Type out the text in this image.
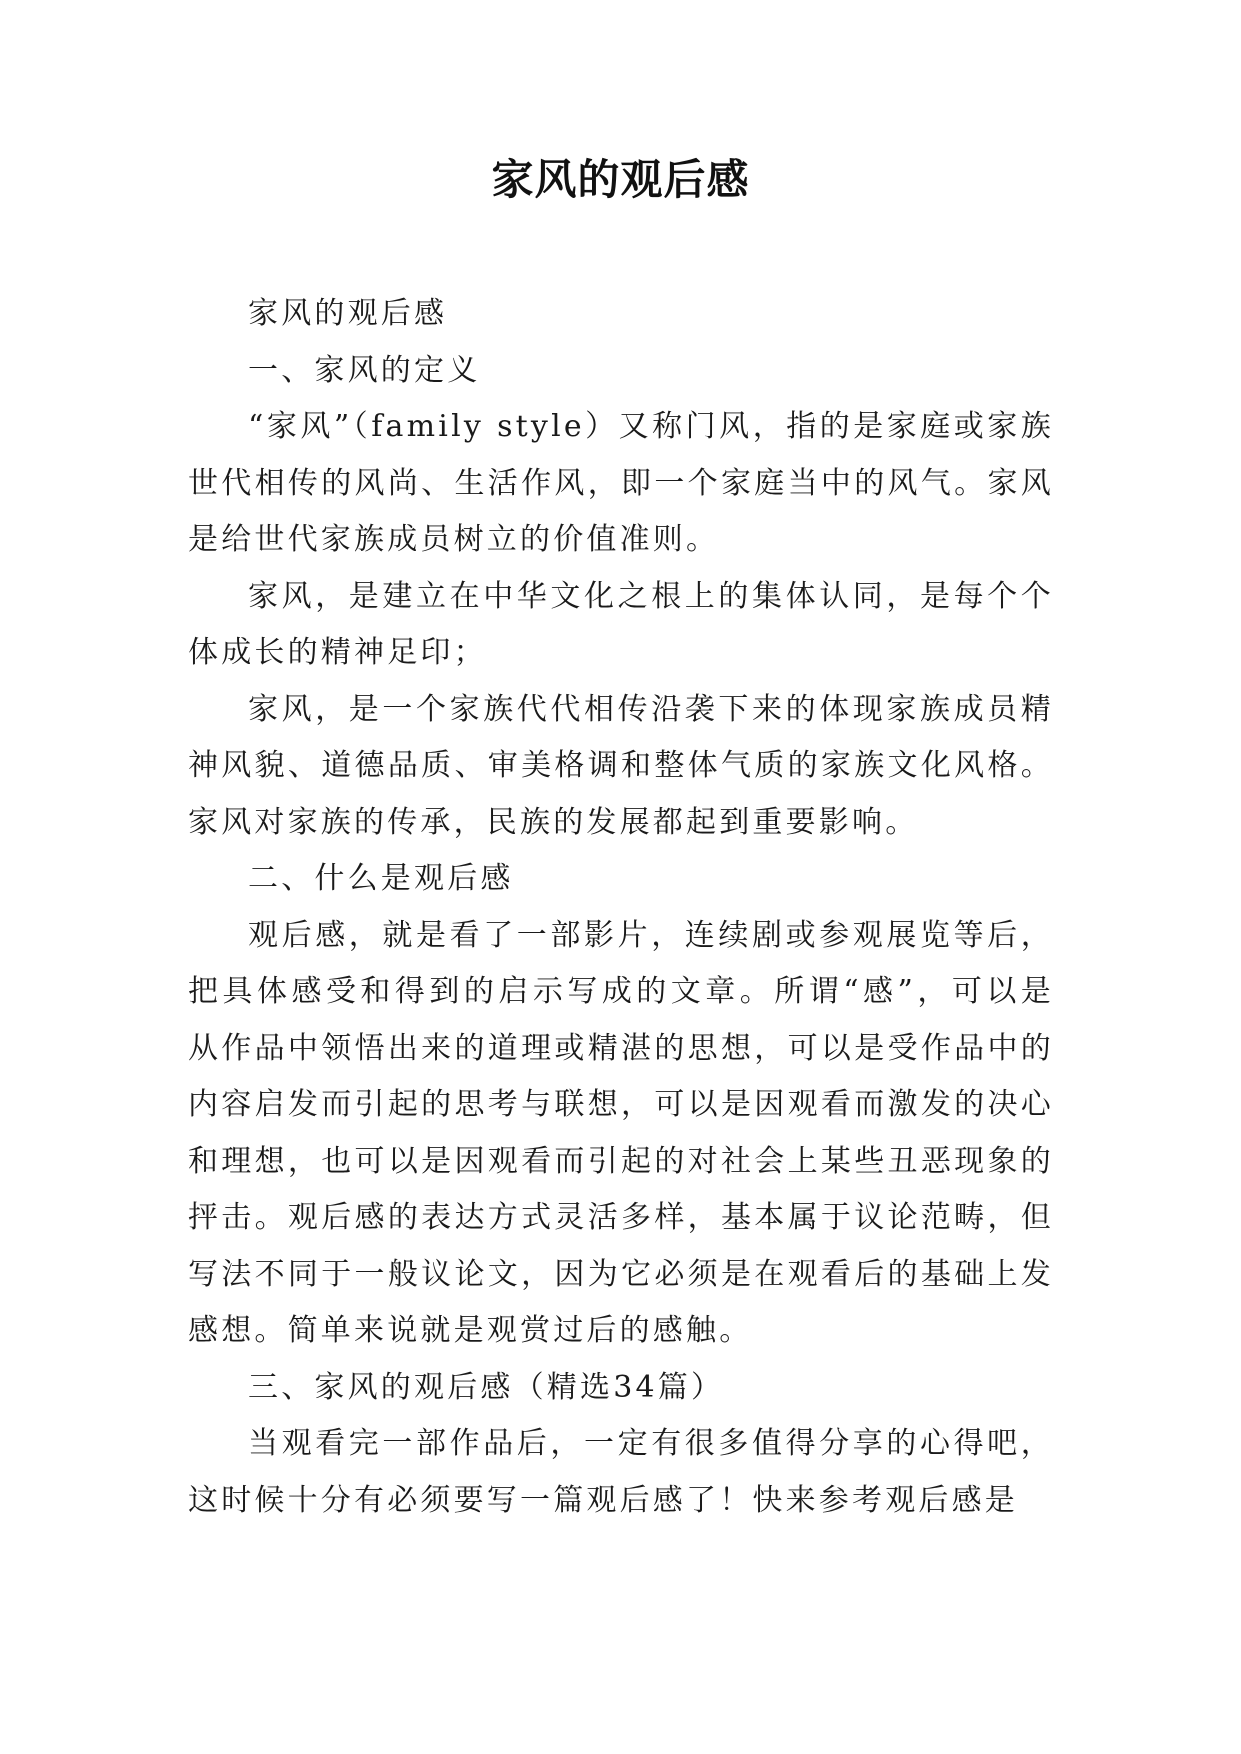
家风的观后感

家风的观后感

一、家风的定义

“家风”（family style）又称门风，指的是家庭或家族世代相传的风尚、生活作风，即一个家庭当中的风气。家风是给世代家族成员树立的价值准则。

家风，是建立在中华文化之根上的集体认同，是每个个体成长的精神足印；

家风，是一个家族代代相传沿袭下来的体现家族成员精神风貌、道德品质、审美格调和整体气质的家族文化风格。家风对家族的传承，民族的发展都起到重要影响。

二、什么是观后感

观后感，就是看了一部影片，连续剧或参观展览等后，把具体感受和得到的启示写成的文章。所谓“感”，可以是从作品中领悟出来的道理或精湛的思想，可以是受作品中的内容启发而引起的思考与联想，可以是因观看而激发的决心和理想，也可以是因观看而引起的对社会上某些丑恶现象的抨击。观后感的表达方式灵活多样，基本属于议论范畴，但写法不同于一般议论文，因为它必须是在观看后的基础上发感想。简单来说就是观赏过后的感触。

三、家风的观后感（精选34篇）

当观看完一部作品后，一定有很多值得分享的心得吧，这时候十分有必须要写一篇观后感了！快来参考观后感是
